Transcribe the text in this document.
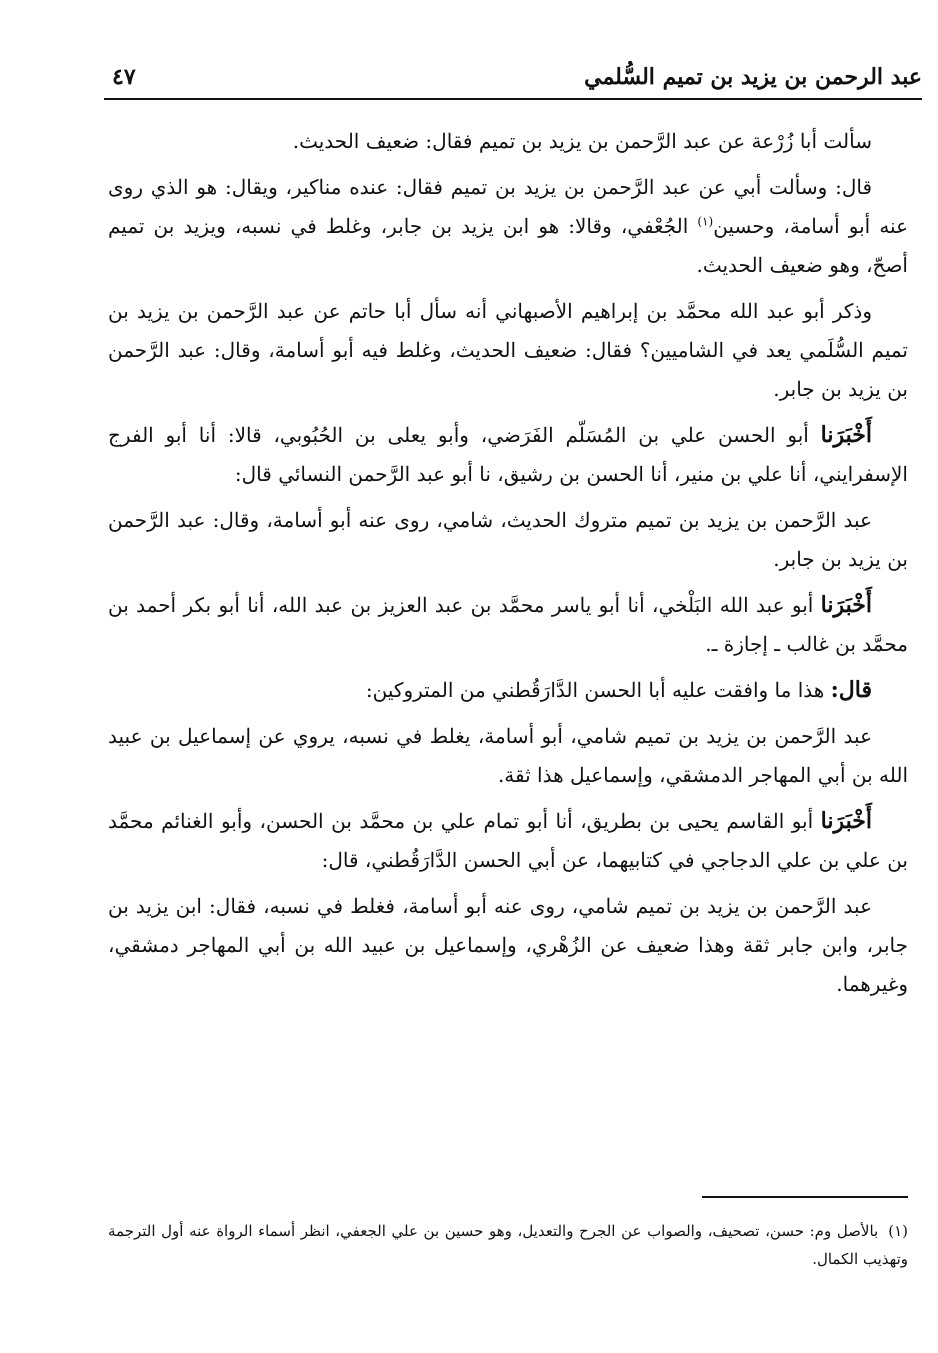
عبد الرحمن بن يزيد بن تميم السُّلمي
٤٧

سألت أبا زُرْعة عن عبد الرَّحمن بن يزيد بن تميم فقال: ضعيف الحديث.

قال: وسألت أبي عن عبد الرَّحمن بن يزيد بن تميم فقال: عنده مناكير، ويقال: هو الذي روى عنه أبو أسامة، وحسين$^{(١)}$ الجُعْفي، وقالا: هو ابن يزيد بن جابر، وغلط في نسبه، ويزيد بن تميم أصحّ، وهو ضعيف الحديث.

وذكر أبو عبد الله محمَّد بن إبراهيم الأصبهاني أنه سأل أبا حاتم عن عبد الرَّحمن بن يزيد بن تميم السُّلَمي يعد في الشاميين؟ فقال: ضعيف الحديث، وغلط فيه أبو أسامة، وقال: عبد الرَّحمن بن يزيد بن جابر.

أَخْبَرَنا أبو الحسن علي بن المُسَلّم الفَرَضي، وأبو يعلى بن الحُبُوبي، قالا: أنا أبو الفرج الإسفرايني، أنا علي بن منير، أنا الحسن بن رشيق، نا أبو عبد الرَّحمن النسائي قال:

عبد الرَّحمن بن يزيد بن تميم متروك الحديث، شامي، روى عنه أبو أسامة، وقال: عبد الرَّحمن بن يزيد بن جابر.

أَخْبَرَنا أبو عبد الله البَلْخي، أنا أبو ياسر محمَّد بن عبد العزيز بن عبد الله، أنا أبو بكر أحمد بن محمَّد بن غالب ـ إجازة ـ.

قال: هذا ما وافقت عليه أبا الحسن الدَّارَقُطني من المتروكين:

عبد الرَّحمن بن يزيد بن تميم شامي، أبو أسامة، يغلط في نسبه، يروي عن إسماعيل بن عبيد الله بن أبي المهاجر الدمشقي، وإسماعيل هذا ثقة.

أَخْبَرَنا أبو القاسم يحيى بن بطريق، أنا أبو تمام علي بن محمَّد بن الحسن، وأبو الغنائم محمَّد بن علي بن علي الدجاجي في كتابيهما، عن أبي الحسن الدَّارَقُطني، قال:

عبد الرَّحمن بن يزيد بن تميم شامي، روى عنه أبو أسامة، فغلط في نسبه، فقال: ابن يزيد بن جابر، وابن جابر ثقة وهذا ضعيف عن الزُهْري، وإسماعيل بن عبيد الله بن أبي المهاجر دمشقي، وغيرهما.

(١)بالأصل وم: حسن، تصحيف، والصواب عن الجرح والتعديل، وهو حسين بن علي الجعفي، انظر أسماء الرواة عنه أول الترجمة وتهذيب الكمال.
